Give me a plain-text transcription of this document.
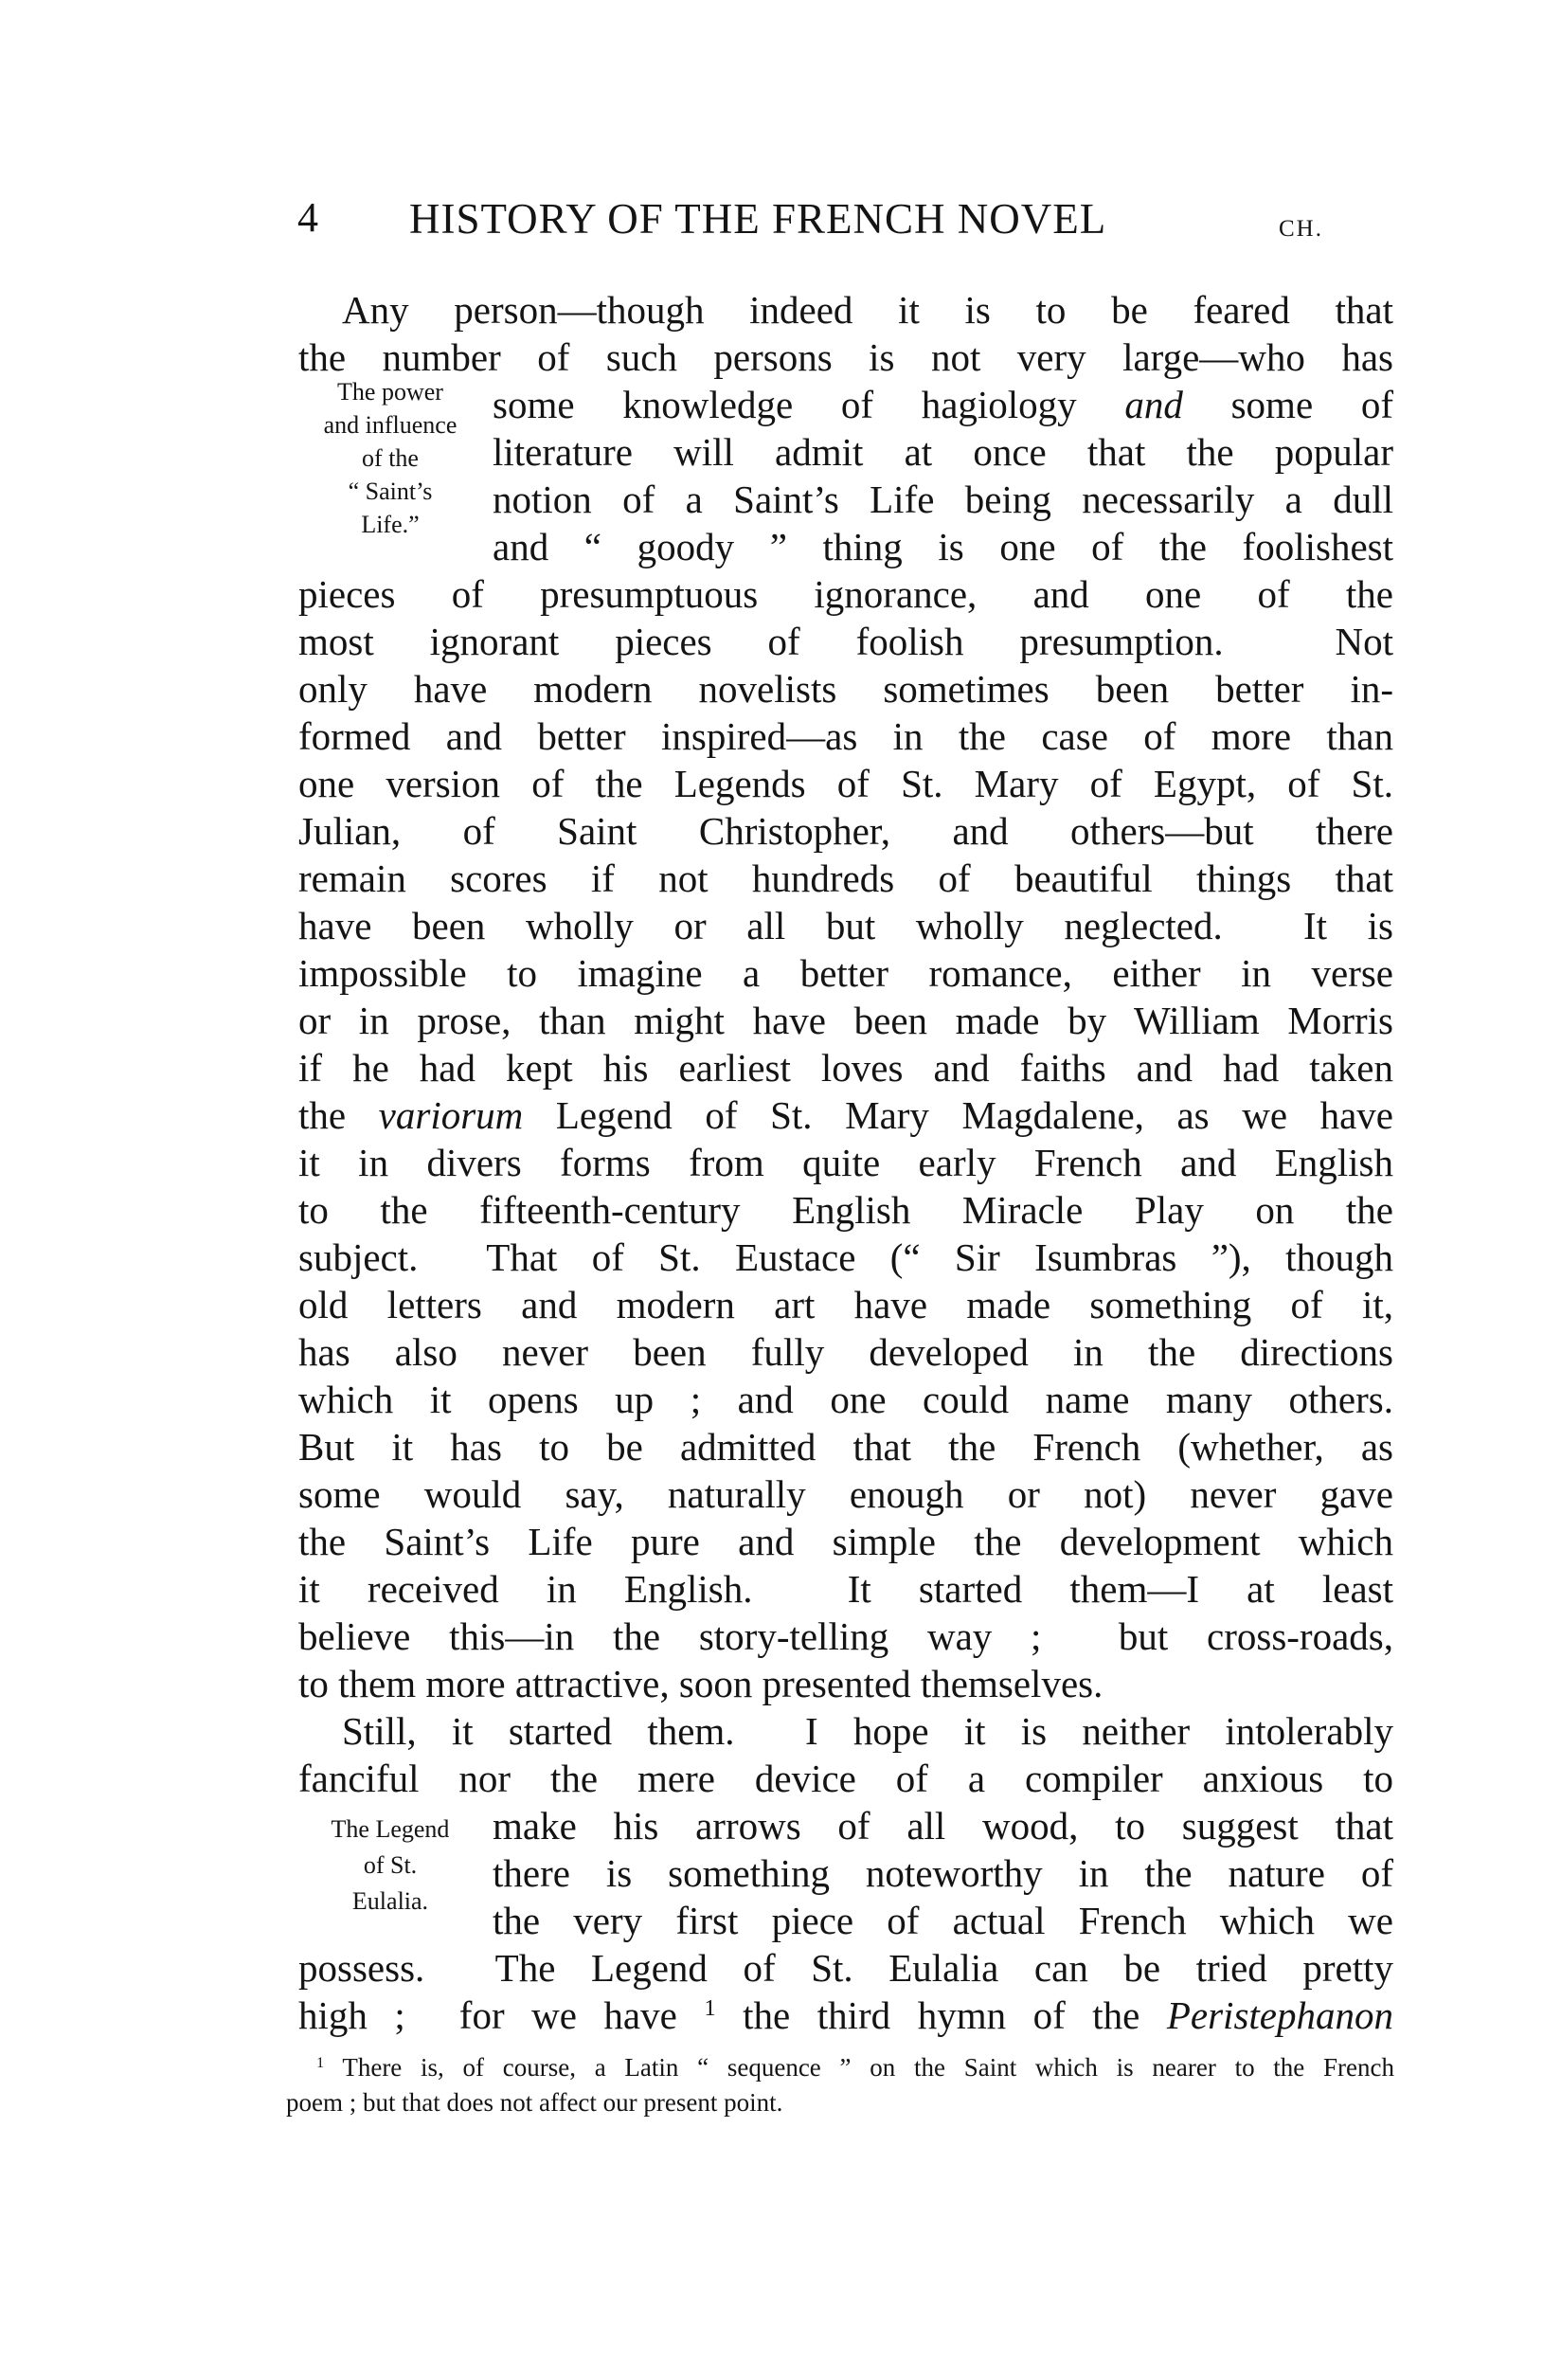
4 HISTORY OF THE FRENCH NOVEL	CH.
Any person—though indeed it is to be feared that
the number of such persons is not very large—who has
some knowledge of hagiology and some of
literature will admit at once that the popular
notion of a Saint’s Life being necessarily a dull
and “ goody ” thing is one of the foolishest
pieces of presumptuous ignorance, and one of the
most ignorant pieces of foolish presumption.  Not
only have modern novelists sometimes been better in-
formed and better inspired—as in the case of more than
one version of the Legends of St. Mary of Egypt, of St.
Julian, of Saint Christopher, and others—but there
remain scores if not hundreds of beautiful things that
have been wholly or all but wholly neglected.  It is
impossible to imagine a better romance, either in verse
or in prose, than might have been made by William Morris
if he had kept his earliest loves and faiths and had taken
the variorum Legend of St. Mary Magdalene, as we have
it in divers forms from quite early French and English
to the fifteenth-century English Miracle Play on the
subject.  That of St. Eustace (“ Sir Isumbras ”), though
old letters and modern art have made something of it,
has also never been fully developed in the directions
which it opens up ; and one could name many others.
But it has to be admitted that the French (whether, as
some would say, naturally enough or not) never gave
the Saint’s Life pure and simple the development which
it received in English.  It started them—I at least
believe this—in the story-telling way ;  but cross-roads,
to them more attractive, soon presented themselves.
Still, it started them.  I hope it is neither intolerably
fanciful nor the mere device of a compiler anxious to
make his arrows of all wood, to suggest that
there is something noteworthy in the nature of
the very first piece of actual French which we
possess.  The Legend of St. Eulalia can be tried pretty
high ;  for we have $^1$ the third hymn of the Peristephanon
The power
and influence
of the
“ Saint’s
Life.”
The Legend
of St.
Eulalia.
$^1$ There is, of course, a Latin “ sequence ” on the Saint which is nearer to the French
poem ; but that does not affect our present point.
